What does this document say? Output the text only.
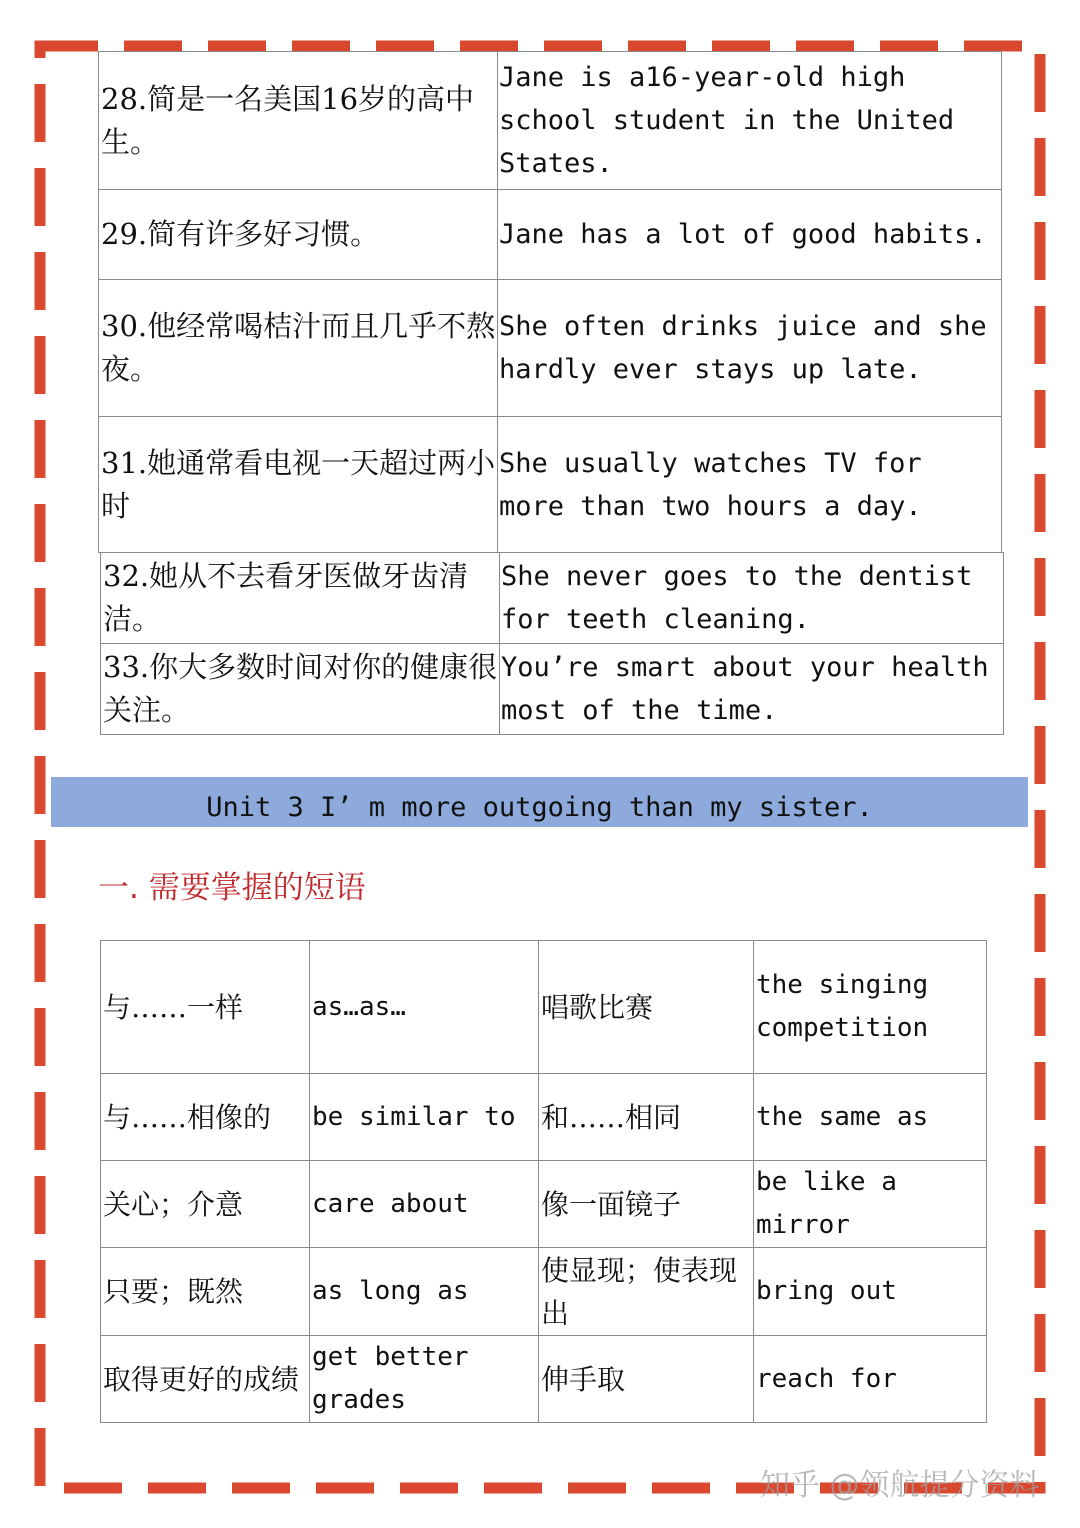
28.简是一名美国16岁的高中生。	Jane is a16-year-old high school student in the United States.
29.简有许多好习惯。	Jane has a lot of good habits.
30.他经常喝桔汁而且几乎不熬夜。	She often drinks juice and she hardly ever stays up late.
31.她通常看电视一天超过两小时	She usually watches TV for more than two hours a day.
32.她从不去看牙医做牙齿清洁。	She never goes to the dentist for teeth cleaning.
33.你大多数时间对你的健康很关注。	You’re smart about your health most of the time.
Unit 3 I’ m more outgoing than my sister.
一. 需要掌握的短语
与……一样	as…as…	唱歌比赛	the singing competition
与……相像的	be similar to	和……相同	the same as
关心；介意	care about	像一面镜子	be like a mirror
只要；既然	as long as	使显现；使表现出	bring out
取得更好的成绩	get better grades	伸手取	reach for
知乎 @领航提分资料
